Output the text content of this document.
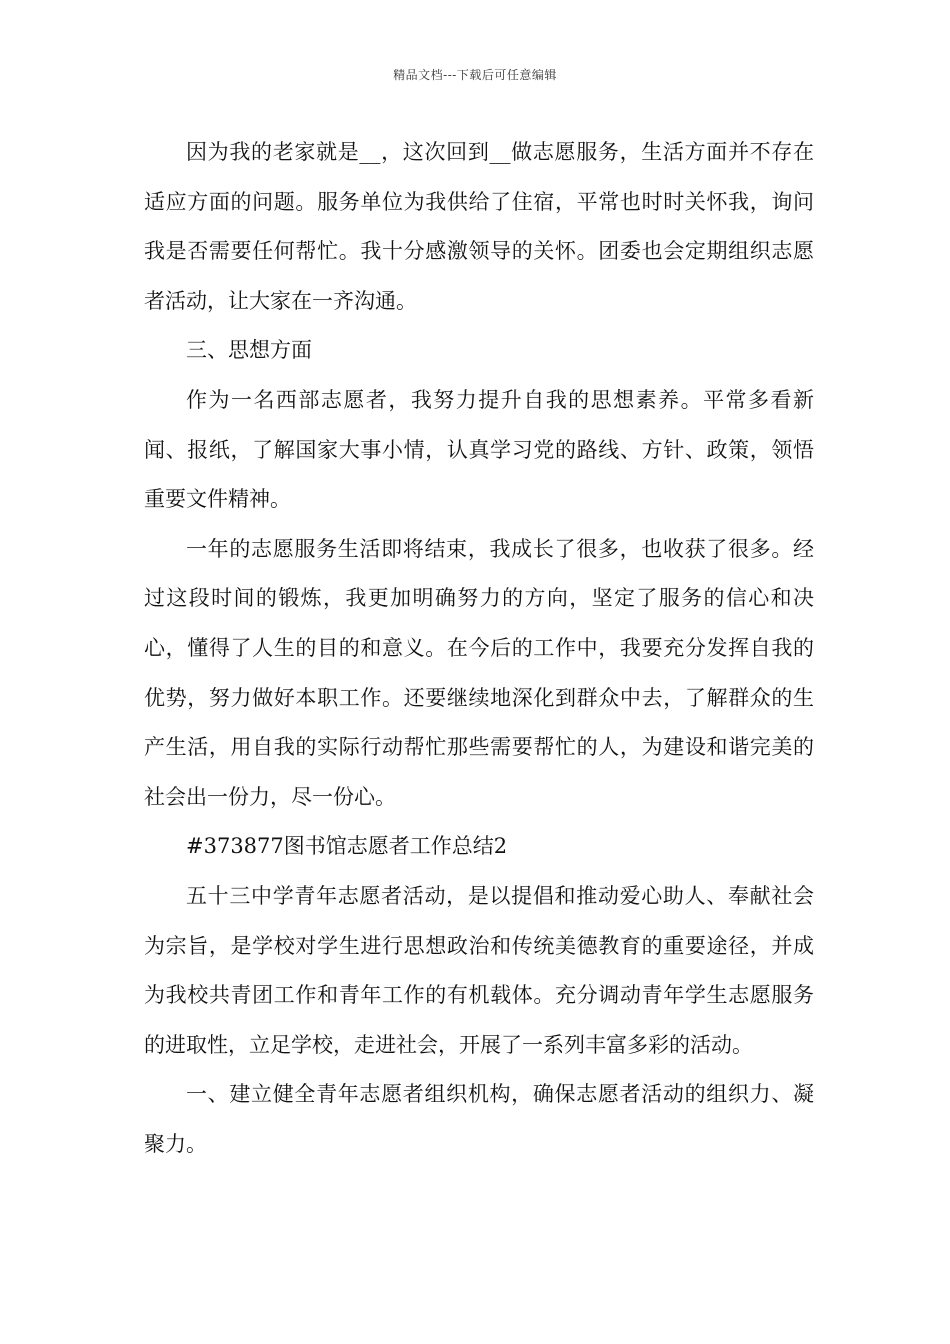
精品文档---下载后可任意编辑

因为我的老家就是__，这次回到__做志愿服务，生活方面并不存在适应方面的问题。服务单位为我供给了住宿，平常也时时关怀我，询问我是否需要任何帮忙。我十分感激领导的关怀。团委也会定期组织志愿者活动，让大家在一齐沟通。

三、思想方面

作为一名西部志愿者，我努力提升自我的思想素养。平常多看新闻、报纸，了解国家大事小情，认真学习党的路线、方针、政策，领悟重要文件精神。

一年的志愿服务生活即将结束，我成长了很多，也收获了很多。经过这段时间的锻炼，我更加明确努力的方向，坚定了服务的信心和决心，懂得了人生的目的和意义。在今后的工作中，我要充分发挥自我的优势，努力做好本职工作。还要继续地深化到群众中去，了解群众的生产生活，用自我的实际行动帮忙那些需要帮忙的人，为建设和谐完美的社会出一份力，尽一份心。

#373877图书馆志愿者工作总结2

五十三中学青年志愿者活动，是以提倡和推动爱心助人、奉献社会为宗旨，是学校对学生进行思想政治和传统美德教育的重要途径，并成为我校共青团工作和青年工作的有机载体。充分调动青年学生志愿服务的进取性，立足学校，走进社会，开展了一系列丰富多彩的活动。

一、建立健全青年志愿者组织机构，确保志愿者活动的组织力、凝聚力。
